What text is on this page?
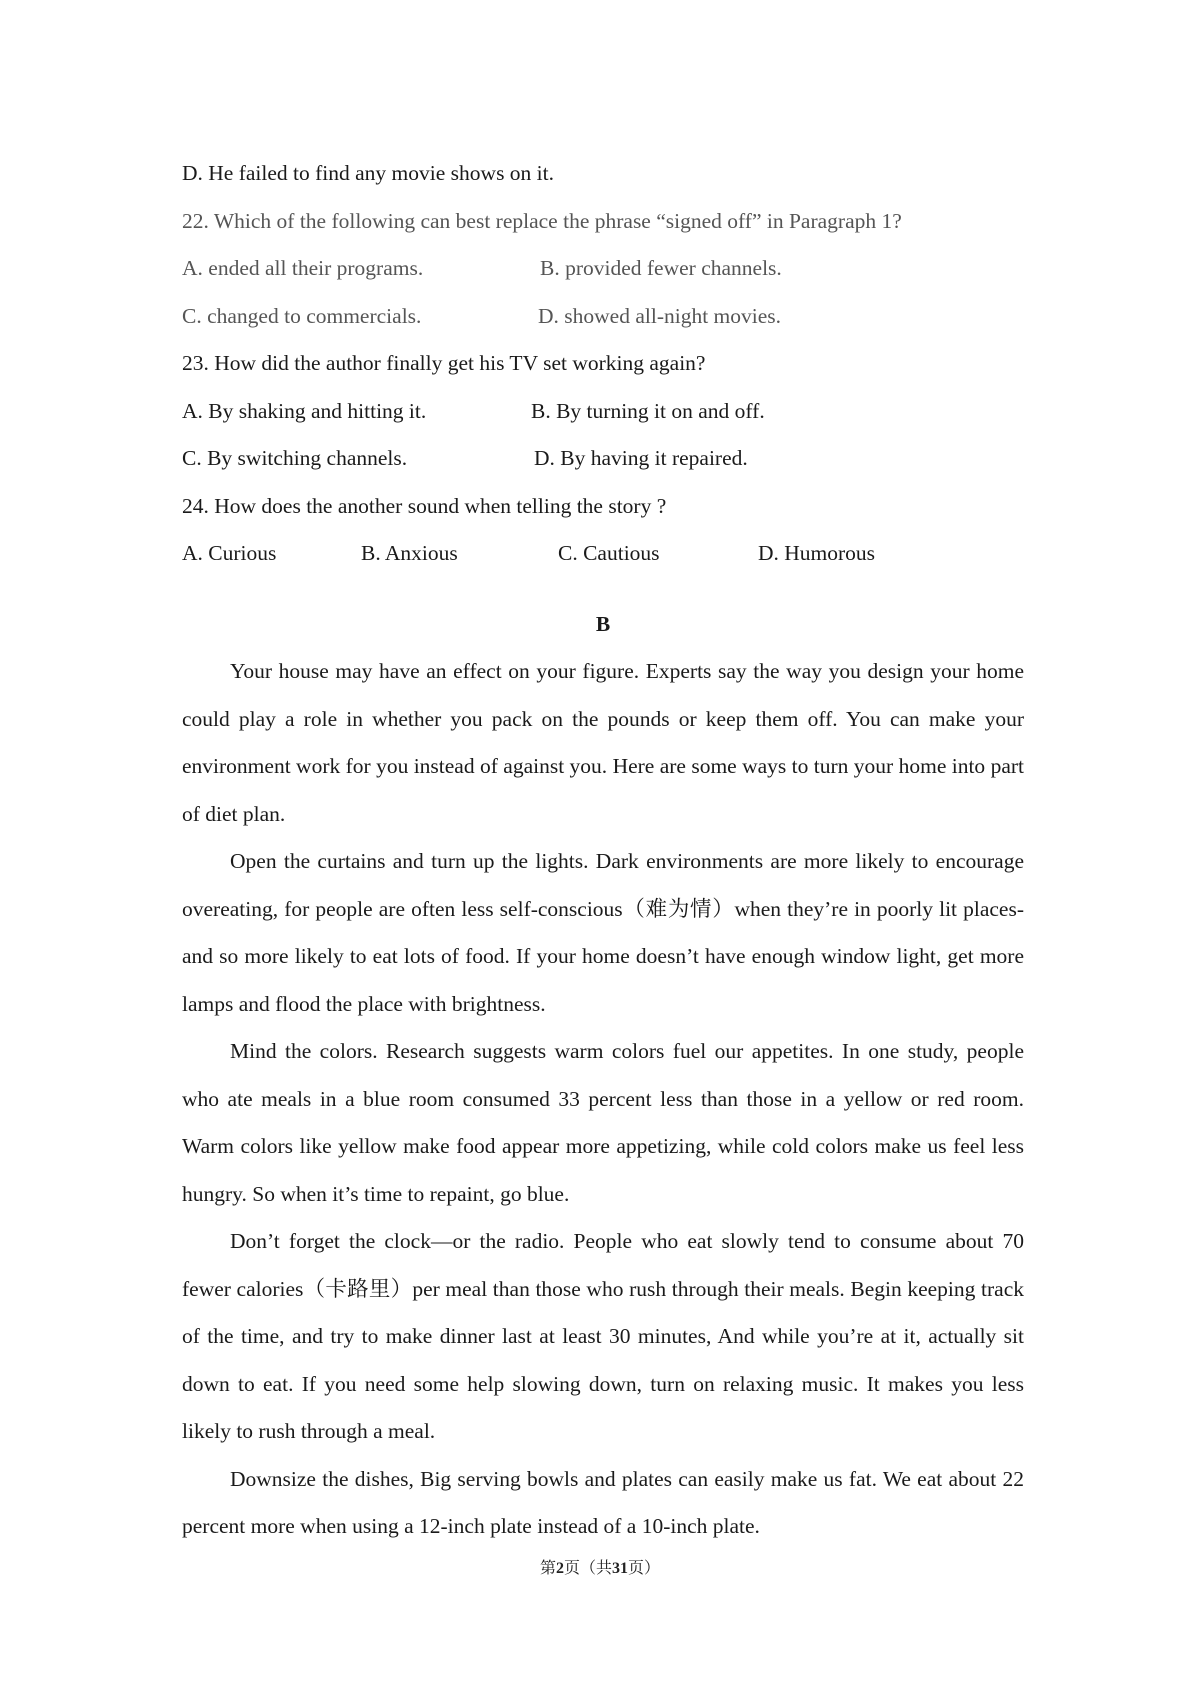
D. He failed to find any movie shows on it.
22. Which of the following can best replace the phrase “signed off” in Paragraph 1?
A. ended all their programs.	B. provided fewer channels.
C. changed to commercials.	D. showed all-night movies.
23. How did the author finally get his TV set working again?
A. By shaking and hitting it.	B. By turning it on and off.
C. By switching channels.	D. By having it repaired.
24. How does the another sound when telling the story ?
A. Curious	B. Anxious	C. Cautious	D. Humorous
B

Your house may have an effect on your figure. Experts say the way you design your home could play a role in whether you pack on the pounds or keep them off. You can make your environment work for you instead of against you. Here are some ways to turn your home into part of diet plan.

Open the curtains and turn up the lights. Dark environments are more likely to encourage overeating, for people are often less self-conscious（难为情）when they’re in poorly lit places-and so more likely to eat lots of food. If your home doesn’t have enough window light, get more lamps and flood the place with brightness.

Mind the colors. Research suggests warm colors fuel our appetites. In one study, people who ate meals in a blue room consumed 33 percent less than those in a yellow or red room. Warm colors like yellow make food appear more appetizing, while cold colors make us feel less hungry. So when it’s time to repaint, go blue.

Don’t forget the clock—or the radio. People who eat slowly tend to consume about 70 fewer calories（卡路里）per meal than those who rush through their meals. Begin keeping track of the time, and try to make dinner last at least 30 minutes, And while you’re at it, actually sit down to eat. If you need some help slowing down, turn on relaxing music. It makes you less likely to rush through a meal.

Downsize the dishes, Big serving bowls and plates can easily make us fat. We eat about 22 percent more when using a 12-inch plate instead of a 10-inch plate.

第2页（共31页）
